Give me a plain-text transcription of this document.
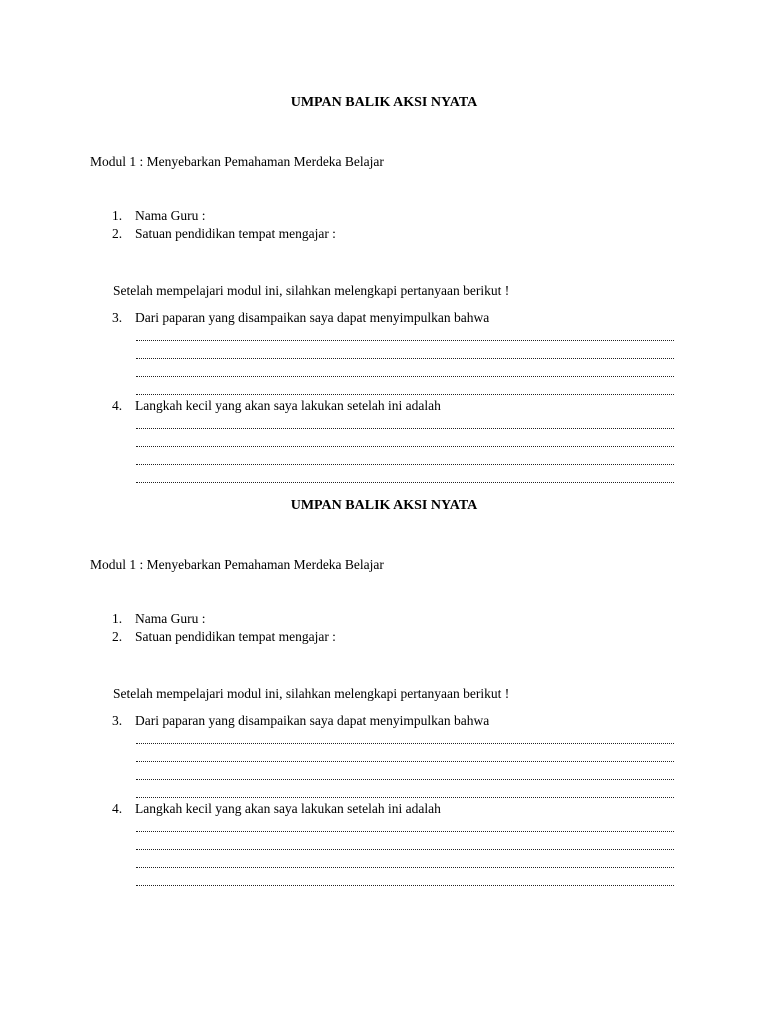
UMPAN BALIK AKSI NYATA
Modul 1 : Menyebarkan Pemahaman Merdeka Belajar
1. Nama Guru :
2. Satuan pendidikan tempat mengajar :
Setelah mempelajari modul ini, silahkan melengkapi pertanyaan berikut !
3. Dari paparan yang disampaikan saya dapat menyimpulkan bahwa
4. Langkah kecil yang akan saya lakukan setelah ini adalah
UMPAN BALIK AKSI NYATA
Modul 1 : Menyebarkan Pemahaman Merdeka Belajar
1. Nama Guru :
2. Satuan pendidikan tempat mengajar :
Setelah mempelajari modul ini, silahkan melengkapi pertanyaan berikut !
3. Dari paparan yang disampaikan saya dapat menyimpulkan bahwa
4. Langkah kecil yang akan saya lakukan setelah ini adalah
